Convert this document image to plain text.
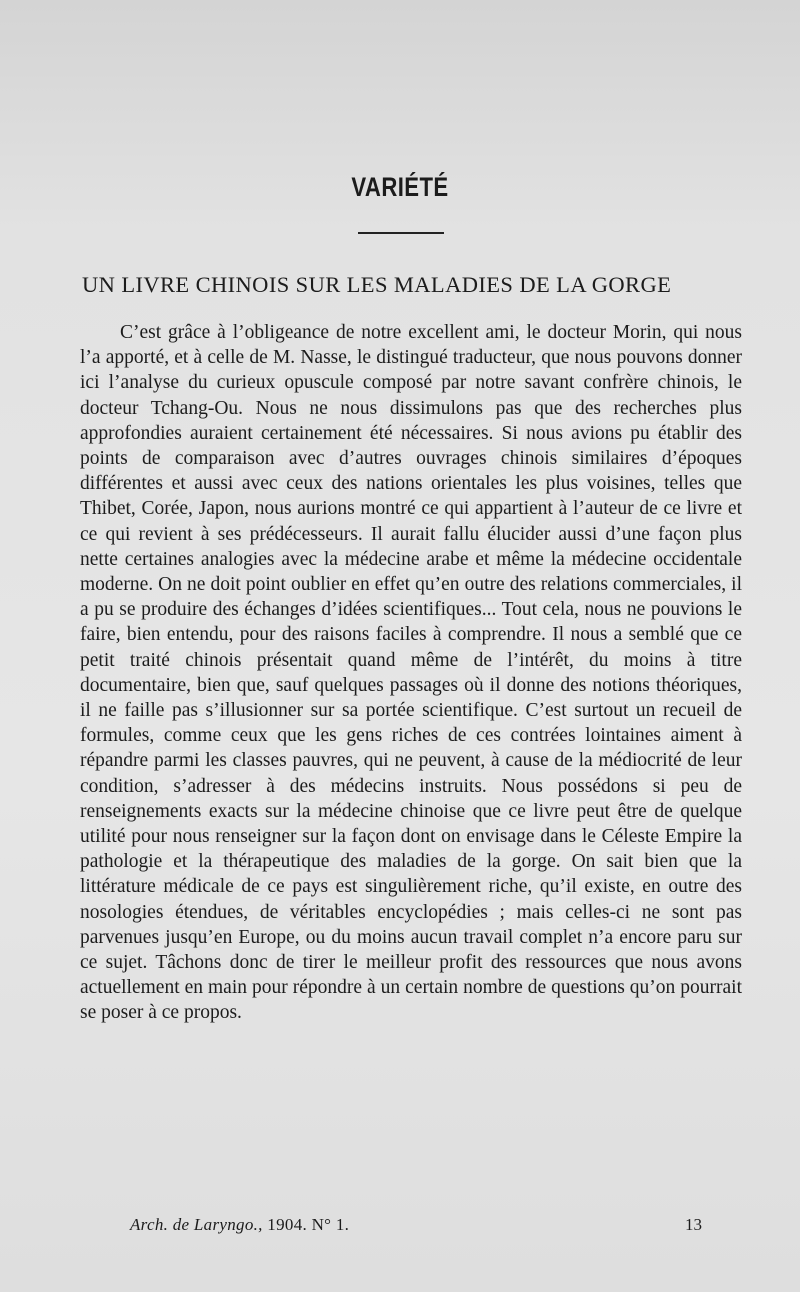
VARIÉTÉ
UN LIVRE CHINOIS SUR LES MALADIES DE LA GORGE

C’est grâce à l’obligeance de notre excellent ami, le docteur Morin, qui nous l’a apporté, et à celle de M. Nasse, le distingué traducteur, que nous pouvons donner ici l’analyse du curieux opuscule composé par notre savant confrère chinois, le docteur Tchang-Ou. Nous ne nous dissimulons pas que des recherches plus approfondies auraient certainement été nécessaires. Si nous avions pu établir des points de comparaison avec d’autres ouvrages chinois similaires d’époques différentes et aussi avec ceux des nations orientales les plus voisines, telles que Thibet, Corée, Japon, nous aurions montré ce qui appartient à l’auteur de ce livre et ce qui revient à ses prédécesseurs. Il aurait fallu élucider aussi d’une façon plus nette certaines analogies avec la médecine arabe et même la médecine occidentale moderne. On ne doit point oublier en effet qu’en outre des relations commerciales, il a pu se produire des échanges d’idées scientifiques... Tout cela, nous ne pouvions le faire, bien entendu, pour des raisons faciles à comprendre. Il nous a semblé que ce petit traité chinois présentait quand même de l’intérêt, du moins à titre documentaire, bien que, sauf quelques passages où il donne des notions théoriques, il ne faille pas s’illusionner sur sa portée scientifique. C’est surtout un recueil de formules, comme ceux que les gens riches de ces contrées lointaines aiment à répandre parmi les classes pauvres, qui ne peuvent, à cause de la médiocrité de leur condition, s’adresser à des médecins instruits. Nous possédons si peu de renseignements exacts sur la médecine chinoise que ce livre peut être de quelque utilité pour nous renseigner sur la façon dont on envisage dans le Céleste Empire la pathologie et la thérapeutique des maladies de la gorge. On sait bien que la littérature médicale de ce pays est singulièrement riche, qu’il existe, en outre des nosologies étendues, de véritables encyclopédies ; mais celles-ci ne sont pas parvenues jusqu’en Europe, ou du moins aucun travail complet n’a encore paru sur ce sujet. Tâchons donc de tirer le meilleur profit des ressources que nous avons actuellement en main pour répondre à un certain nombre de questions qu’on pourrait se poser à ce propos.

Arch. de Laryngo., 1904. N° 1.	13
